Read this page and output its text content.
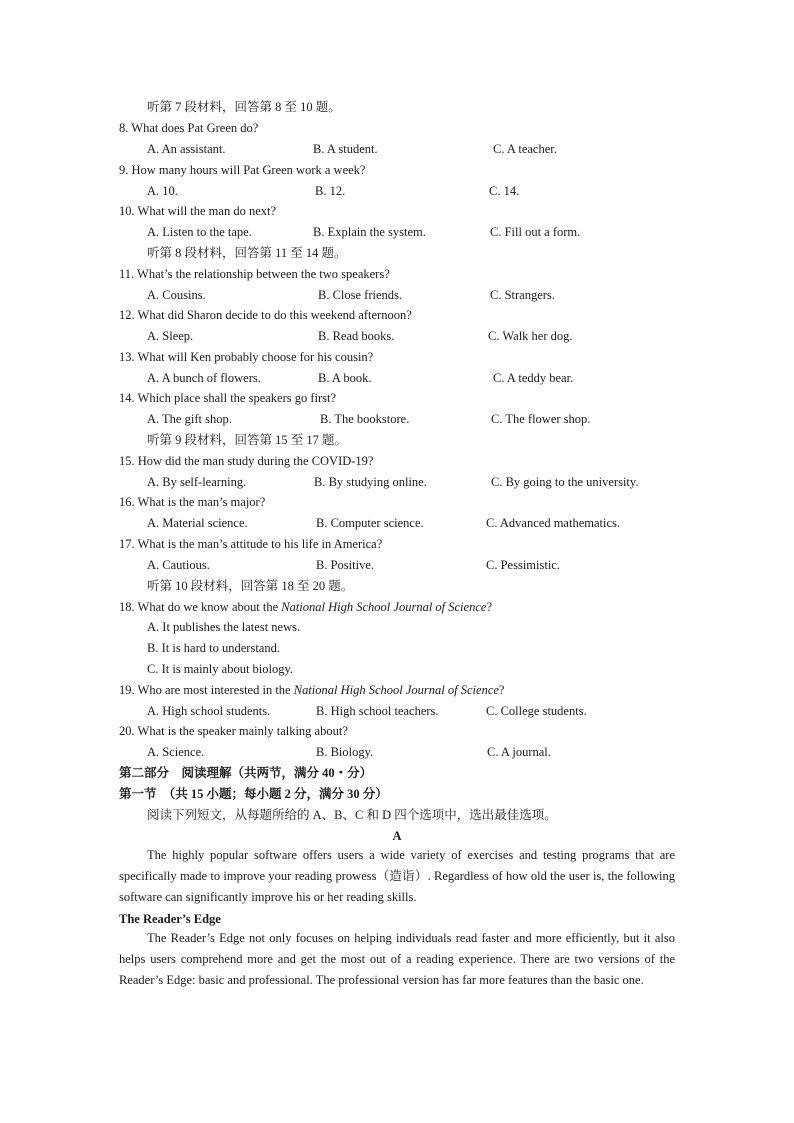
听第 7 段材料，回答第 8 至 10 题。
8. What does Pat Green do?
A. An assistant.	B. A student.	C. A teacher.
9. How many hours will Pat Green work a week?
A. 10.	B. 12.	C. 14.
10. What will the man do next?
A. Listen to the tape.	B. Explain the system.	C. Fill out a form.
听第 8 段材料，回答第 11 至 14 题。
11. What’s the relationship between the two speakers?
A. Cousins.	B. Close friends.	C. Strangers.
12. What did Sharon decide to do this weekend afternoon?
A. Sleep.	B. Read books.	C. Walk her dog.
13. What will Ken probably choose for his cousin?
A. A bunch of flowers.	B. A book.	C. A teddy bear.
14. Which place shall the speakers go first?
A. The gift shop.	B. The bookstore.	C. The flower shop.
听第 9 段材料，回答第 15 至 17 题。
15. How did the man study during the COVID-19?
A. By self-learning.	B. By studying online.	C. By going to the university.
16. What is the man’s major?
A. Material science.	B. Computer science.	C. Advanced mathematics.
17. What is the man’s attitude to his life in America?
A. Cautious.	B. Positive.	C. Pessimistic.
听第 10 段材料，回答第 18 至 20 题。
18. What do we know about the National High School Journal of Science?
A. It publishes the latest news.
B. It is hard to understand.
C. It is mainly about biology.
19. Who are most interested in the National High School Journal of Science?
A. High school students.	B. High school teachers.	C. College students.
20. What is the speaker mainly talking about?
A. Science.	B. Biology.	C. A journal.
第二部分　阅读理解（共两节，满分 40・分）
第一节　（共 15 小题；每小题 2 分，满分 30 分）
阅读下列短文，从每题所给的 A、B、C 和 D 四个选项中，选出最佳选项。
A
The highly popular software offers users a wide variety of exercises and testing programs that are specifically made to improve your reading prowess（造诣）. Regardless of how old the user is, the following software can significantly improve his or her reading skills.
The Reader’s Edge
The Reader’s Edge not only focuses on helping individuals read faster and more efficiently, but it also helps users comprehend more and get the most out of a reading experience. There are two versions of the Reader’s Edge: basic and professional. The professional version has far more features than the basic one.
